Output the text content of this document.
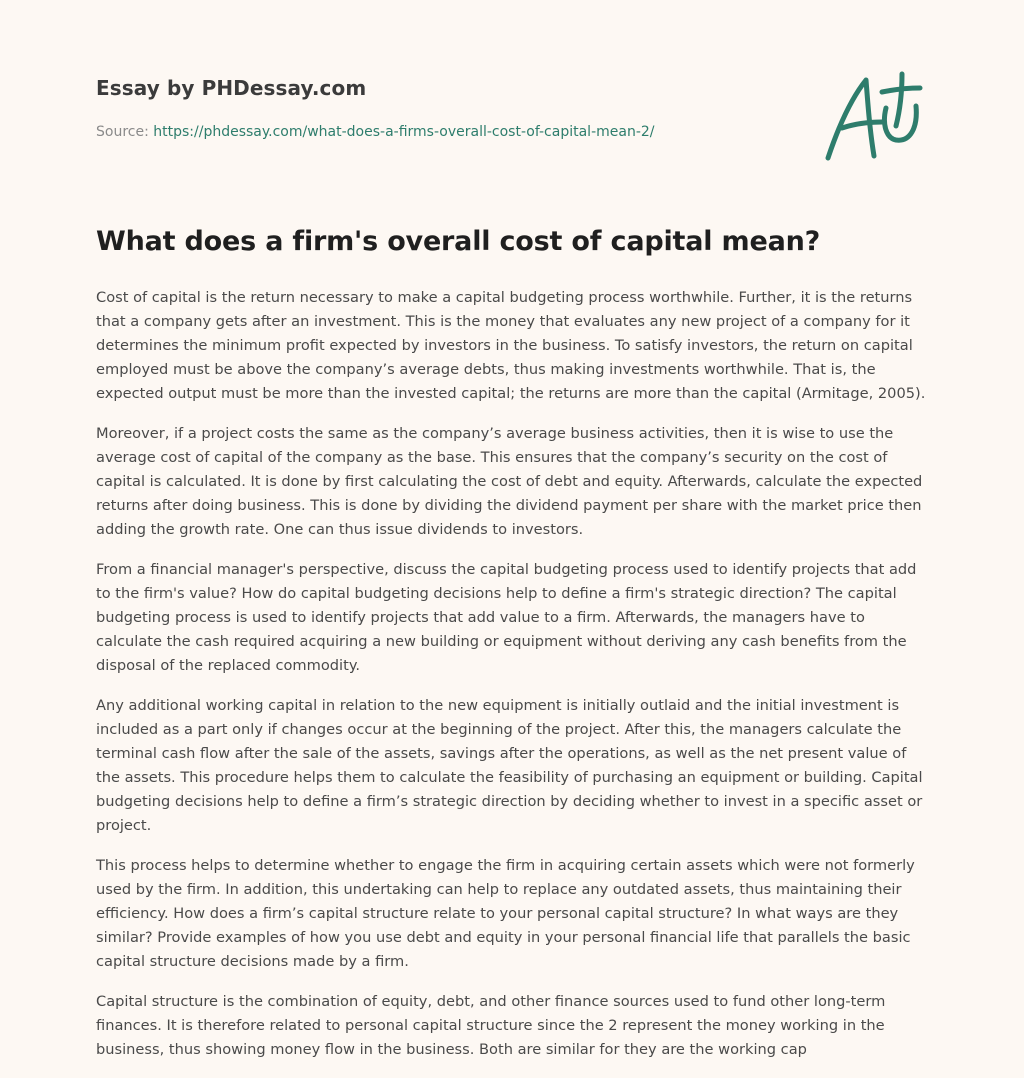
Essay by PHDessay.com
Source: https://phdessay.com/what-does-a-firms-overall-cost-of-capital-mean-2/
What does a firm's overall cost of capital mean?

Cost of capital is the return necessary to make a capital budgeting process worthwhile. Further, it is the returns that a company gets after an investment. This is the money that evaluates any new project of a company for it determines the minimum profit expected by investors in the business. To satisfy investors, the return on capital employed must be above the company’s average debts, thus making investments worthwhile. That is, the expected output must be more than the invested capital; the returns are more than the capital (Armitage, 2005).

Moreover, if a project costs the same as the company’s average business activities, then it is wise to use the average cost of capital of the company as the base. This ensures that the company’s security on the cost of capital is calculated. It is done by first calculating the cost of debt and equity. Afterwards, calculate the expected returns after doing business. This is done by dividing the dividend payment per share with the market price then adding the growth rate. One can thus issue dividends to investors.

From a financial manager's perspective, discuss the capital budgeting process used to identify projects that add to the firm's value? How do capital budgeting decisions help to define a firm's strategic direction? The capital budgeting process is used to identify projects that add value to a firm. Afterwards, the managers have to calculate the cash required acquiring a new building or equipment without deriving any cash benefits from the disposal of the replaced commodity.

Any additional working capital in relation to the new equipment is initially outlaid and the initial investment is included as a part only if changes occur at the beginning of the project. After this, the managers calculate the terminal cash flow after the sale of the assets, savings after the operations, as well as the net present value of the assets. This procedure helps them to calculate the feasibility of purchasing an equipment or building. Capital budgeting decisions help to define a firm’s strategic direction by deciding whether to invest in a specific asset or project.

This process helps to determine whether to engage the firm in acquiring certain assets which were not formerly used by the firm. In addition, this undertaking can help to replace any outdated assets, thus maintaining their efficiency. How does a firm’s capital structure relate to your personal capital structure? In what ways are they similar? Provide examples of how you use debt and equity in your personal financial life that parallels the basic capital structure decisions made by a firm.

Capital structure is the combination of equity, debt, and other finance sources used to fund other long-term finances. It is therefore related to personal capital structure since the 2 represent the money working in the business, thus showing money flow in the business. Both are similar for they are the working cap
